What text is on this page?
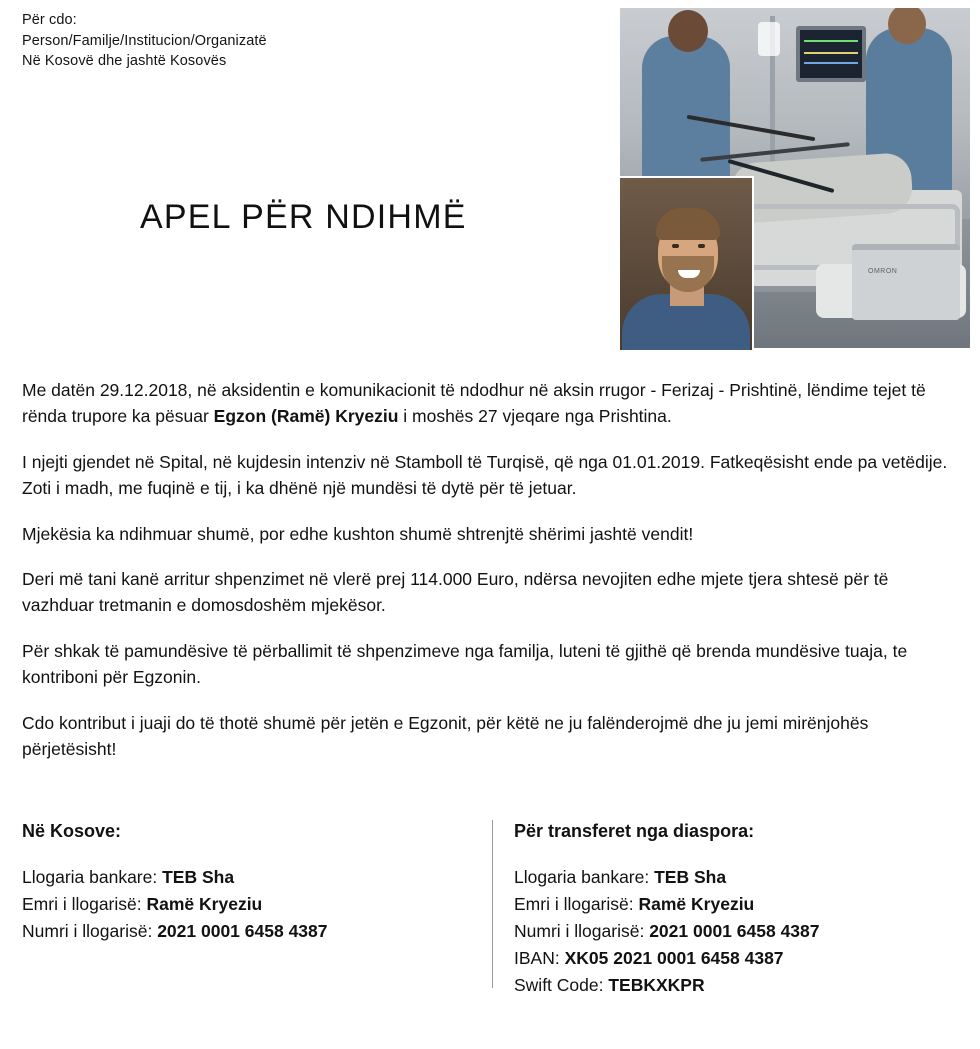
Për cdo:
Person/Familje/Institucion/Organizatë
Në Kosovë dhe jashtë Kosovës
APEL PËR NDIHMË
OMRON

Me datën 29.12.2018, në aksidentin e komunikacionit të ndodhur në aksin rrugor - Ferizaj - Prishtinë, lëndime tejet të rënda trupore ka pësuar Egzon (Ramë) Kryeziu i moshës 27 vjeqare nga Prishtina.

I njejti gjendet në Spital, në kujdesin intenziv në Stamboll të Turqisë, që nga 01.01.2019. Fatkeqësisht ende pa vetëdije. Zoti i madh, me fuqinë e tij, i ka dhënë një mundësi të dytë për të jetuar.

Mjekësia ka ndihmuar shumë, por edhe kushton shumë shtrenjtë shërimi jashtë vendit!

Deri më tani kanë arritur shpenzimet në vlerë prej 114.000 Euro, ndërsa nevojiten edhe mjete tjera shtesë për të vazhduar tretmanin e domosdoshëm mjekësor.

Për shkak të pamundësive të përballimit të shpenzimeve nga familja, luteni të gjithë që brenda mundësive tuaja, te kontriboni për Egzonin.

Cdo kontribut i juaji do të thotë shumë për jetën e Egzonit, për këtë ne ju falënderojmë dhe ju jemi mirënjohës përjetësisht!

Në Kosove:
Llogaria bankare: TEB Sha
Emri i llogarisë: Ramë Kryeziu
Numri i llogarisë: 2021 0001 6458 4387
Për transferet nga diaspora:
Llogaria bankare: TEB Sha
Emri i llogarisë: Ramë Kryeziu
Numri i llogarisë: 2021 0001 6458 4387
IBAN: XK05 2021 0001 6458 4387
Swift Code: TEBKXKPR
